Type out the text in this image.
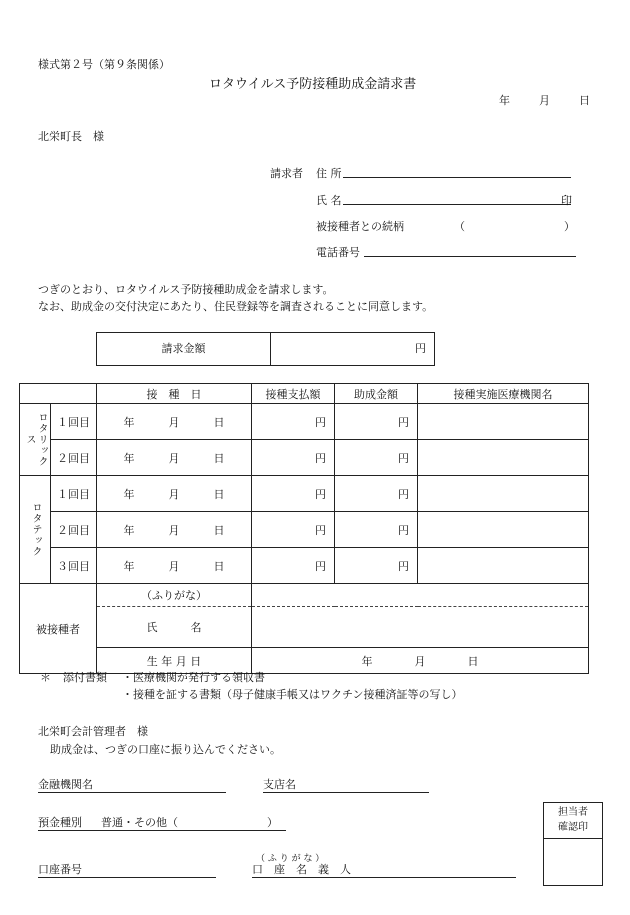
様式第２号（第９条関係）
ロタウイルス予防接種助成金請求書
年	月	日
北栄町長　様
請求者 住 所
氏 名	印
被接種者との続柄	（	）
電話番号
つぎのとおり、ロタウイルス予防接種助成金を請求します。
なお、助成金の交付決定にあたり、住民登録等を調査されることに同意します。
請求金額	円
		接　種　日	接種支払額	助成金額	接種実施医療機関名

ロタリックス	１回目	年 月 日	円	円	
	２回目	年 月 日	円	円	

ロタテック	１回目	年 月 日	円	円	
	２回目	年 月 日	円	円	
	３回目	年 月 日	円	円	
被接種者		（ふりがな）			
		氏　　　名			
		生 年 月 日	年 月 日		
＊ 添付書類 ・医療機関が発行する領収書
・接種を証する書類（母子健康手帳又はワクチン接種済証等の写し）
北栄町会計管理者　様
助成金は、つぎの口座に振り込んでください。
金融機関名	支店名
預金種別 普通・その他（	）
口座番号
（ ふ り が な ）
口　座　名　義　人
担当者
確認印
